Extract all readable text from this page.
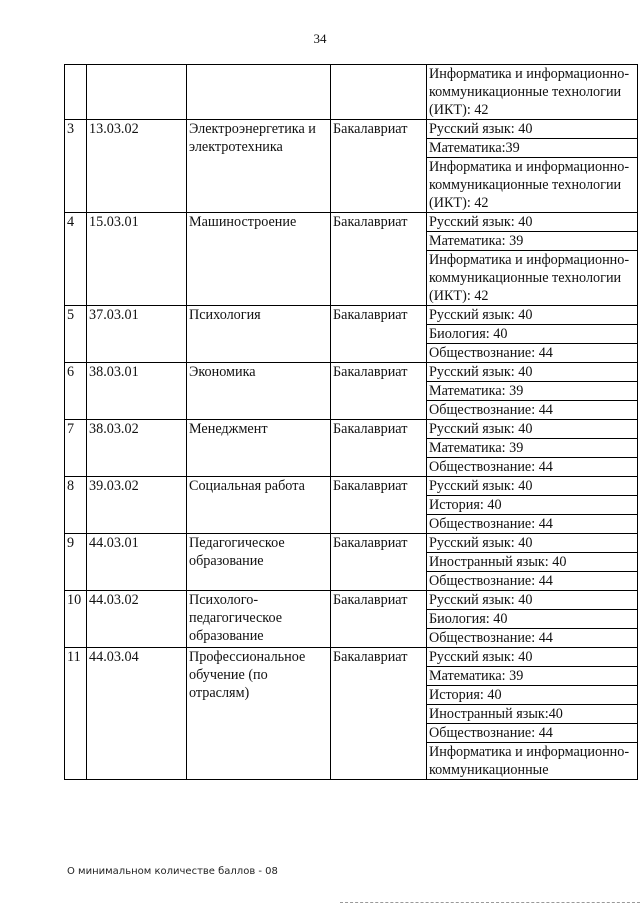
34
				Информатика и информационно-коммуникационные технологии (ИКТ): 42
3	13.03.02	Электроэнергетика и электротехника	Бакалавриат	Русский язык: 40
				Математика:39
				Информатика и информационно-коммуникационные технологии (ИКТ): 42
4	15.03.01	Машиностроение	Бакалавриат	Русский язык: 40
				Математика: 39
				Информатика и информационно-коммуникационные технологии (ИКТ): 42
5	37.03.01	Психология	Бакалавриат	Русский язык: 40
				Биология: 40
				Обществознание: 44
6	38.03.01	Экономика	Бакалавриат	Русский язык: 40
				Математика: 39
				Обществознание: 44
7	38.03.02	Менеджмент	Бакалавриат	Русский язык: 40
				Математика: 39
				Обществознание: 44
8	39.03.02	Социальная работа	Бакалавриат	Русский язык: 40
				История: 40
				Обществознание: 44
9	44.03.01	Педагогическое образование	Бакалавриат	Русский язык: 40
				Иностранный язык: 40
				Обществознание: 44
10	44.03.02	Психолого-педагогическое образование	Бакалавриат	Русский язык: 40
				Биология: 40
				Обществознание: 44
11	44.03.04	Профессиональное обучение (по отраслям)	Бакалавриат	Русский язык: 40
				Математика: 39
				История: 40
				Иностранный язык:40
				Обществознание: 44
				Информатика и информационно-коммуникационные
О минимальном количестве баллов - 08
